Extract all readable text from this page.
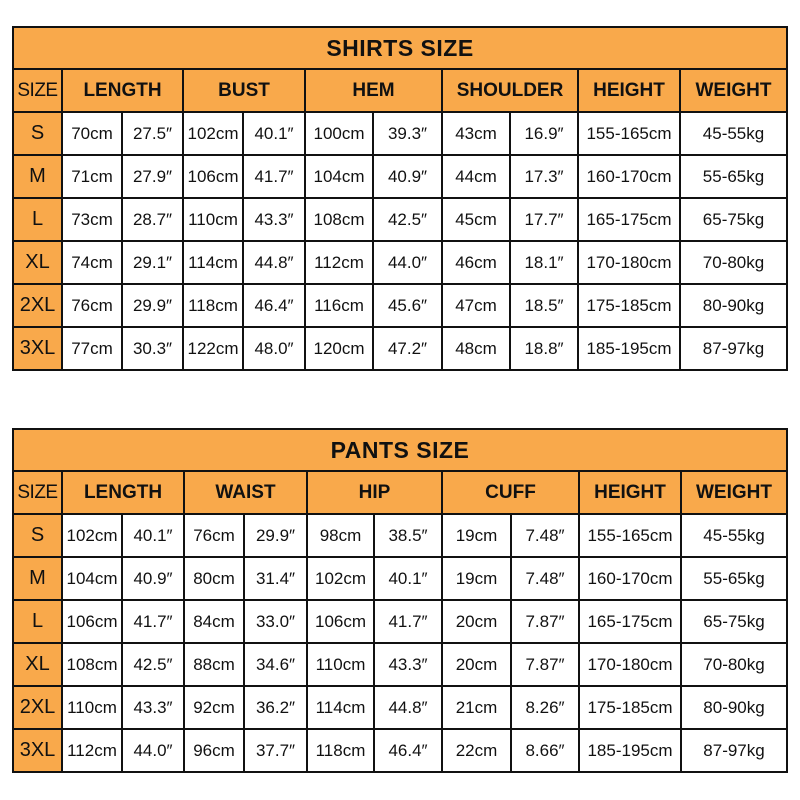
SHIRTS SIZE										
SIZE	LENGTH		BUST		HEM		SHOULDER		HEIGHT	WEIGHT
S	70cm	27.5″	102cm	40.1″	100cm	39.3″	43cm	16.9″	155-165cm	45-55kg
M	71cm	27.9″	106cm	41.7″	104cm	40.9″	44cm	17.3″	160-170cm	55-65kg
L	73cm	28.7″	110cm	43.3″	108cm	42.5″	45cm	17.7″	165-175cm	65-75kg
XL	74cm	29.1″	114cm	44.8″	112cm	44.0″	46cm	18.1″	170-180cm	70-80kg
2XL	76cm	29.9″	118cm	46.4″	116cm	45.6″	47cm	18.5″	175-185cm	80-90kg
3XL	77cm	30.3″	122cm	48.0″	120cm	47.2″	48cm	18.8″	185-195cm	87-97kg
PANTS SIZE										
SIZE	LENGTH		WAIST		HIP		CUFF		HEIGHT	WEIGHT
S	102cm	40.1″	76cm	29.9″	98cm	38.5″	19cm	7.48″	155-165cm	45-55kg
M	104cm	40.9″	80cm	31.4″	102cm	40.1″	19cm	7.48″	160-170cm	55-65kg
L	106cm	41.7″	84cm	33.0″	106cm	41.7″	20cm	7.87″	165-175cm	65-75kg
XL	108cm	42.5″	88cm	34.6″	110cm	43.3″	20cm	7.87″	170-180cm	70-80kg
2XL	110cm	43.3″	92cm	36.2″	114cm	44.8″	21cm	8.26″	175-185cm	80-90kg
3XL	112cm	44.0″	96cm	37.7″	118cm	46.4″	22cm	8.66″	185-195cm	87-97kg
